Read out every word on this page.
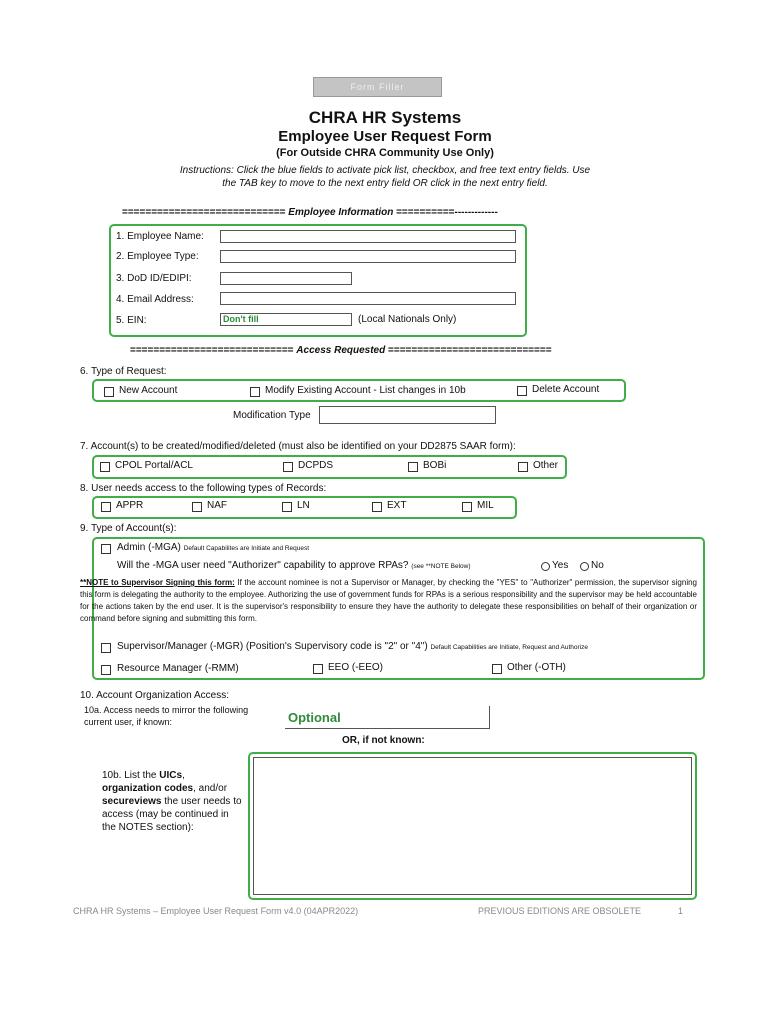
Form Filler
CHRA HR Systems
Employee User Request Form
(For Outside CHRA Community Use Only)
Instructions: Click the blue fields to activate pick list, checkbox, and free text entry fields. Use
the TAB key to move to the next entry field OR click in the next entry field.
============================ Employee Information ==========-------------
1. Employee Name:
2. Employee Type:
3. DoD ID/EDIPI:
4. Email Address:
5. EIN:	Don't fill	(Local Nationals Only)
============================ Access Requested ============================
6. Type of Request:
New Account	Modify Existing Account - List changes in 10b	Delete Account
Modification Type
7. Account(s) to be created/modified/deleted (must also be identified on your DD2875 SAAR form):
CPOL Portal/ACL	DCPDS	BOBi	Other
8. User needs access to the following types of Records:
APPR	NAF	LN	EXT	MIL
9. Type of Account(s):
Admin (-MGA) Default Capabilites are Initiate and Request
Will the -MGA user need "Authorizer" capability to approve RPAs? (see **NOTE Below)	Yes No
**NOTE to Supervisor Signing this form: If the account nominee is not a Supervisor or Manager, by checking the "YES" to "Authorizer" permission, the supervisor signing this form is delegating the authority to the employee. Authorizing the use of government funds for RPAs is a serious responsibility and the supervisor may be held accountable for the actions taken by the end user. It is the supervisor's responsibility to ensure they have the authority to delegate these responsibilities on behalf of their organization or command before signing and submitting this form.
Supervisor/Manager (-MGR) (Position's Supervisory code is "2" or "4") Default Capabilities are Initiate, Request and Authorize
Resource Manager (-RMM)	EEO (-EEO)	Other (-OTH)
10. Account Organization Access:
10a. Access needs to mirror the following
current user, if known:	Optional
OR, if not known:
10b. List the UICs,
organization codes, and/or
secureviews the user needs to
access (may be continued in
the NOTES section):
CHRA HR Systems – Employee User Request Form v4.0 (04APR2022)	PREVIOUS EDITIONS ARE OBSOLETE	1
